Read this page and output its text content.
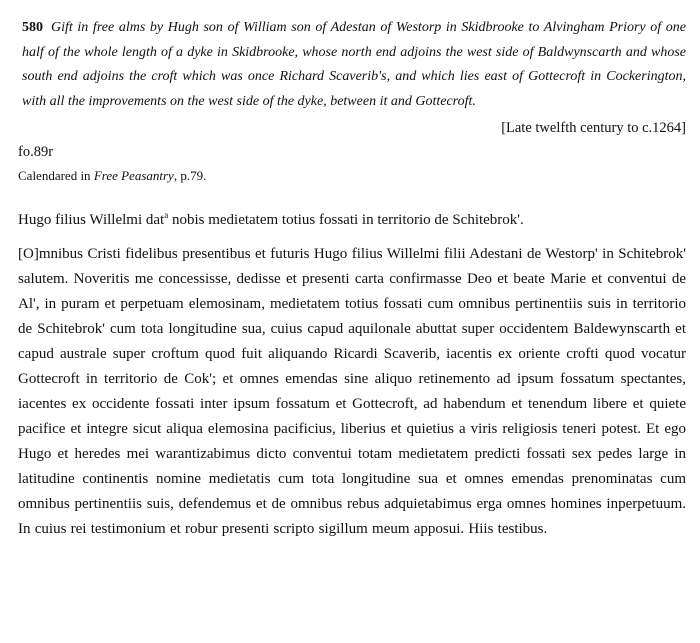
580 Gift in free alms by Hugh son of William son of Adestan of Westorp in Skidbrooke to Alvingham Priory of one half of the whole length of a dyke in Skidbrooke, whose north end adjoins the west side of Baldwynscarth and whose south end adjoins the croft which was once Richard Scaverib's, and which lies east of Gottecroft in Cockerington, with all the improvements on the west side of the dyke, between it and Gottecroft.

[Late twelfth century to c.1264]

fo.89r

Calendared in Free Peasantry, p.79.

Hugo filius Willelmi dat$^a$ nobis medietatem totius fossati in territorio de Schitebrok'.

[O]mnibus Cristi fidelibus presentibus et futuris Hugo filius Willelmi filii Adestani de Westorp' in Schitebrok' salutem. Noveritis me concessisse, dedisse et presenti carta confirmasse Deo et beate Marie et conventui de Al', in puram et perpetuam elemosinam, medietatem totius fossati cum omnibus pertinentiis suis in territorio de Schitebrok' cum tota longitudine sua, cuius capud aquilonale abuttat super occidentem Baldewynscarth et capud australe super croftum quod fuit aliquando Ricardi Scaverib, iacentis ex oriente crofti quod vocatur Gottecroft in territorio de Cok'; et omnes emendas sine aliquo retinemento ad ipsum fossatum spectantes, iacentes ex occidente fossati inter ipsum fossatum et Gottecroft, ad habendum et tenendum libere et quiete pacifice et integre sicut aliqua elemosina pacificius, liberius et quietius a viris religiosis teneri potest. Et ego Hugo et heredes mei warantizabimus dicto conventui totam medietatem predicti fossati sex pedes large in latitudine continentis nomine medietatis cum tota longitudine sua et omnes emendas prenominatas cum omnibus pertinentiis suis, defendemus et de omnibus rebus adquietabimus erga omnes homines inperpetuum. In cuius rei testimonium et robur presenti scripto sigillum meum apposui. Hiis testibus.
